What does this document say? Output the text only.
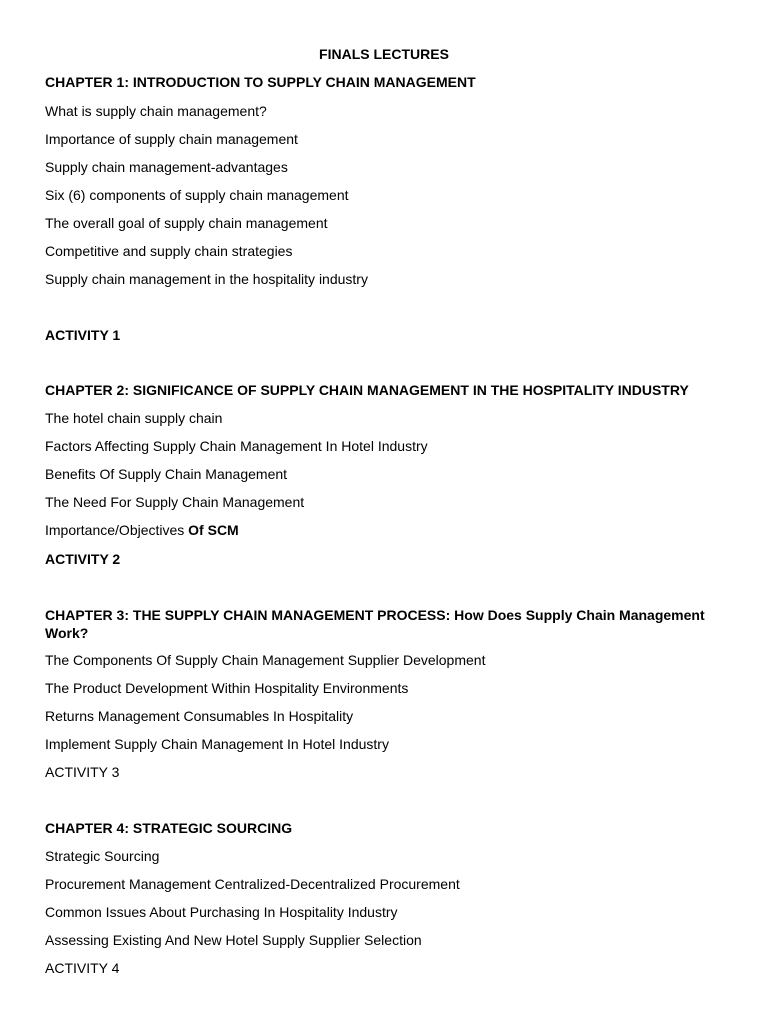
FINALS LECTURES
CHAPTER 1: INTRODUCTION TO SUPPLY CHAIN MANAGEMENT
What is supply chain management?
Importance of supply chain management
Supply chain management-advantages
Six (6) components of supply chain management
The overall goal of supply chain management
Competitive and supply chain strategies
Supply chain management in the hospitality industry
ACTIVITY 1
CHAPTER 2: SIGNIFICANCE OF SUPPLY CHAIN MANAGEMENT IN THE HOSPITALITY INDUSTRY
The hotel chain supply chain
Factors Affecting Supply Chain Management In Hotel Industry
Benefits Of Supply Chain Management
The Need For Supply Chain Management
Importance/Objectives Of SCM
ACTIVITY 2
CHAPTER 3: THE SUPPLY CHAIN MANAGEMENT PROCESS: How Does Supply Chain Management Work?
The Components Of Supply Chain Management Supplier Development
The Product Development Within Hospitality Environments
Returns Management Consumables In Hospitality
Implement Supply Chain Management In Hotel Industry
ACTIVITY 3
CHAPTER 4: STRATEGIC SOURCING
Strategic Sourcing
Procurement Management Centralized-Decentralized Procurement
Common Issues About Purchasing In Hospitality Industry
Assessing Existing And New Hotel Supply Supplier Selection
ACTIVITY 4
